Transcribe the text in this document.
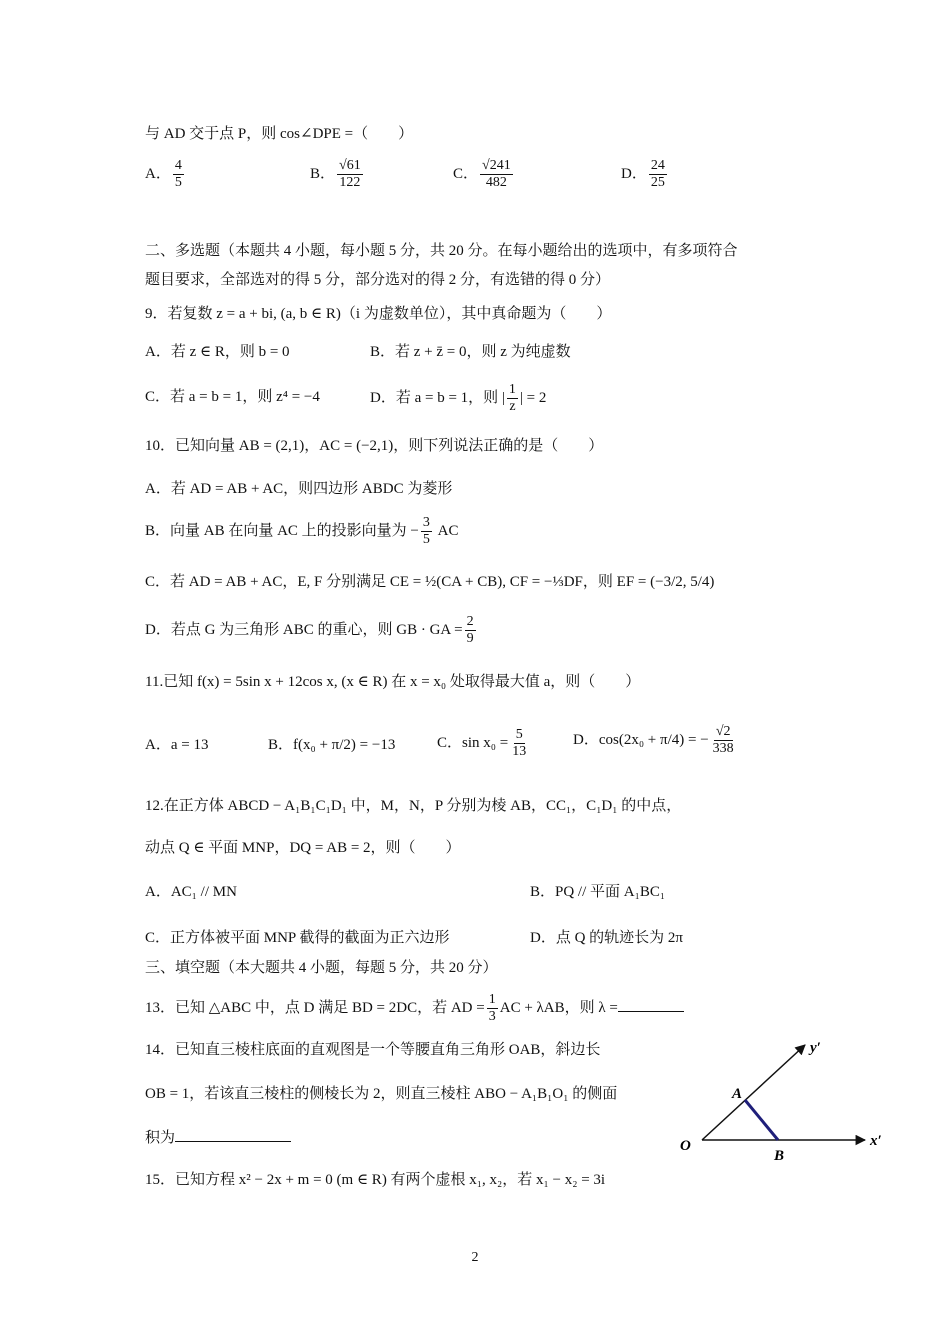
与 AD 交于点 P，则 cos∠DPE =（　　）
A． $\frac{4}{5}$	B． $\frac{√61}{122}$	C． $\frac{√241}{482}$	D． $\frac{24}{25}$
二、多选题（本题共 4 小题，每小题 5 分，共 20 分。在每小题给出的选项中，有多项符合
题目要求，全部选对的得 5 分，部分选对的得 2 分，有选错的得 0 分）
9．若复数 z = a + bi, (a, b ∈ R)（i 为虚数单位），其中真命题为（　　）
A．若 z ∈ R，则 b = 0	B．若 z + z̄ = 0，则 z 为纯虚数
C．若 a = b = 1，则 z⁴ = −4	D．若 a = b = 1，则 | $\frac{1}{z}$ | = 2
10．已知向量 AB = (2,1)，AC = (−2,1)，则下列说法正确的是（　　）
A．若 AD = AB + AC，则四边形 ABDC 为菱形
B．向量 AB 在向量 AC 上的投影向量为 − $\frac{3}{5}$ AC
C．若 AD = AB + AC，E, F 分别满足 CE = ½(CA + CB), CF = −⅓DF，则 EF = (−3/2, 5/4)
D．若点 G 为三角形 ABC 的重心，则 GB · GA = $\frac{2}{9}$
11.已知 f(x) = 5sin x + 12cos x, (x ∈ R) 在 x = x₀ 处取得最大值 a，则（　　）
A．a = 13	B．f(x₀ + π/2) = −13	C．$\sin x_0 = \frac{5}{13}$	D．cos(2x₀ + π/4) = − $\frac{√2}{338}$
12.在正方体 ABCD − A₁B₁C₁D₁ 中，M，N，P 分别为棱 AB，CC₁，C₁D₁ 的中点，
动点 Q ∈ 平面 MNP，DQ = AB = 2，则（　　）
A．AC₁ // MN	B．PQ // 平面 A₁BC₁
C．正方体被平面 MNP 截得的截面为正六边形	D．点 Q 的轨迹长为 2π
三、填空题（本大题共 4 小题，每题 5 分，共 20 分）
13．已知 △ABC 中，点 D 满足 BD = 2DC，若 AD = $\frac{1}{3}$ AC + λAB，则 λ =
14．已知直三棱柱底面的直观图是一个等腰直角三角形 OAB，斜边长
OB = 1，若该直三棱柱的侧棱长为 2，则直三棱柱 ABO − A₁B₁O₁ 的侧面
积为
15．已知方程 x² − 2x + m = 0 (m ∈ R) 有两个虚根 x₁, x₂，若 x₁ − x₂ = 3i
y′
x′
O
A
B
2
